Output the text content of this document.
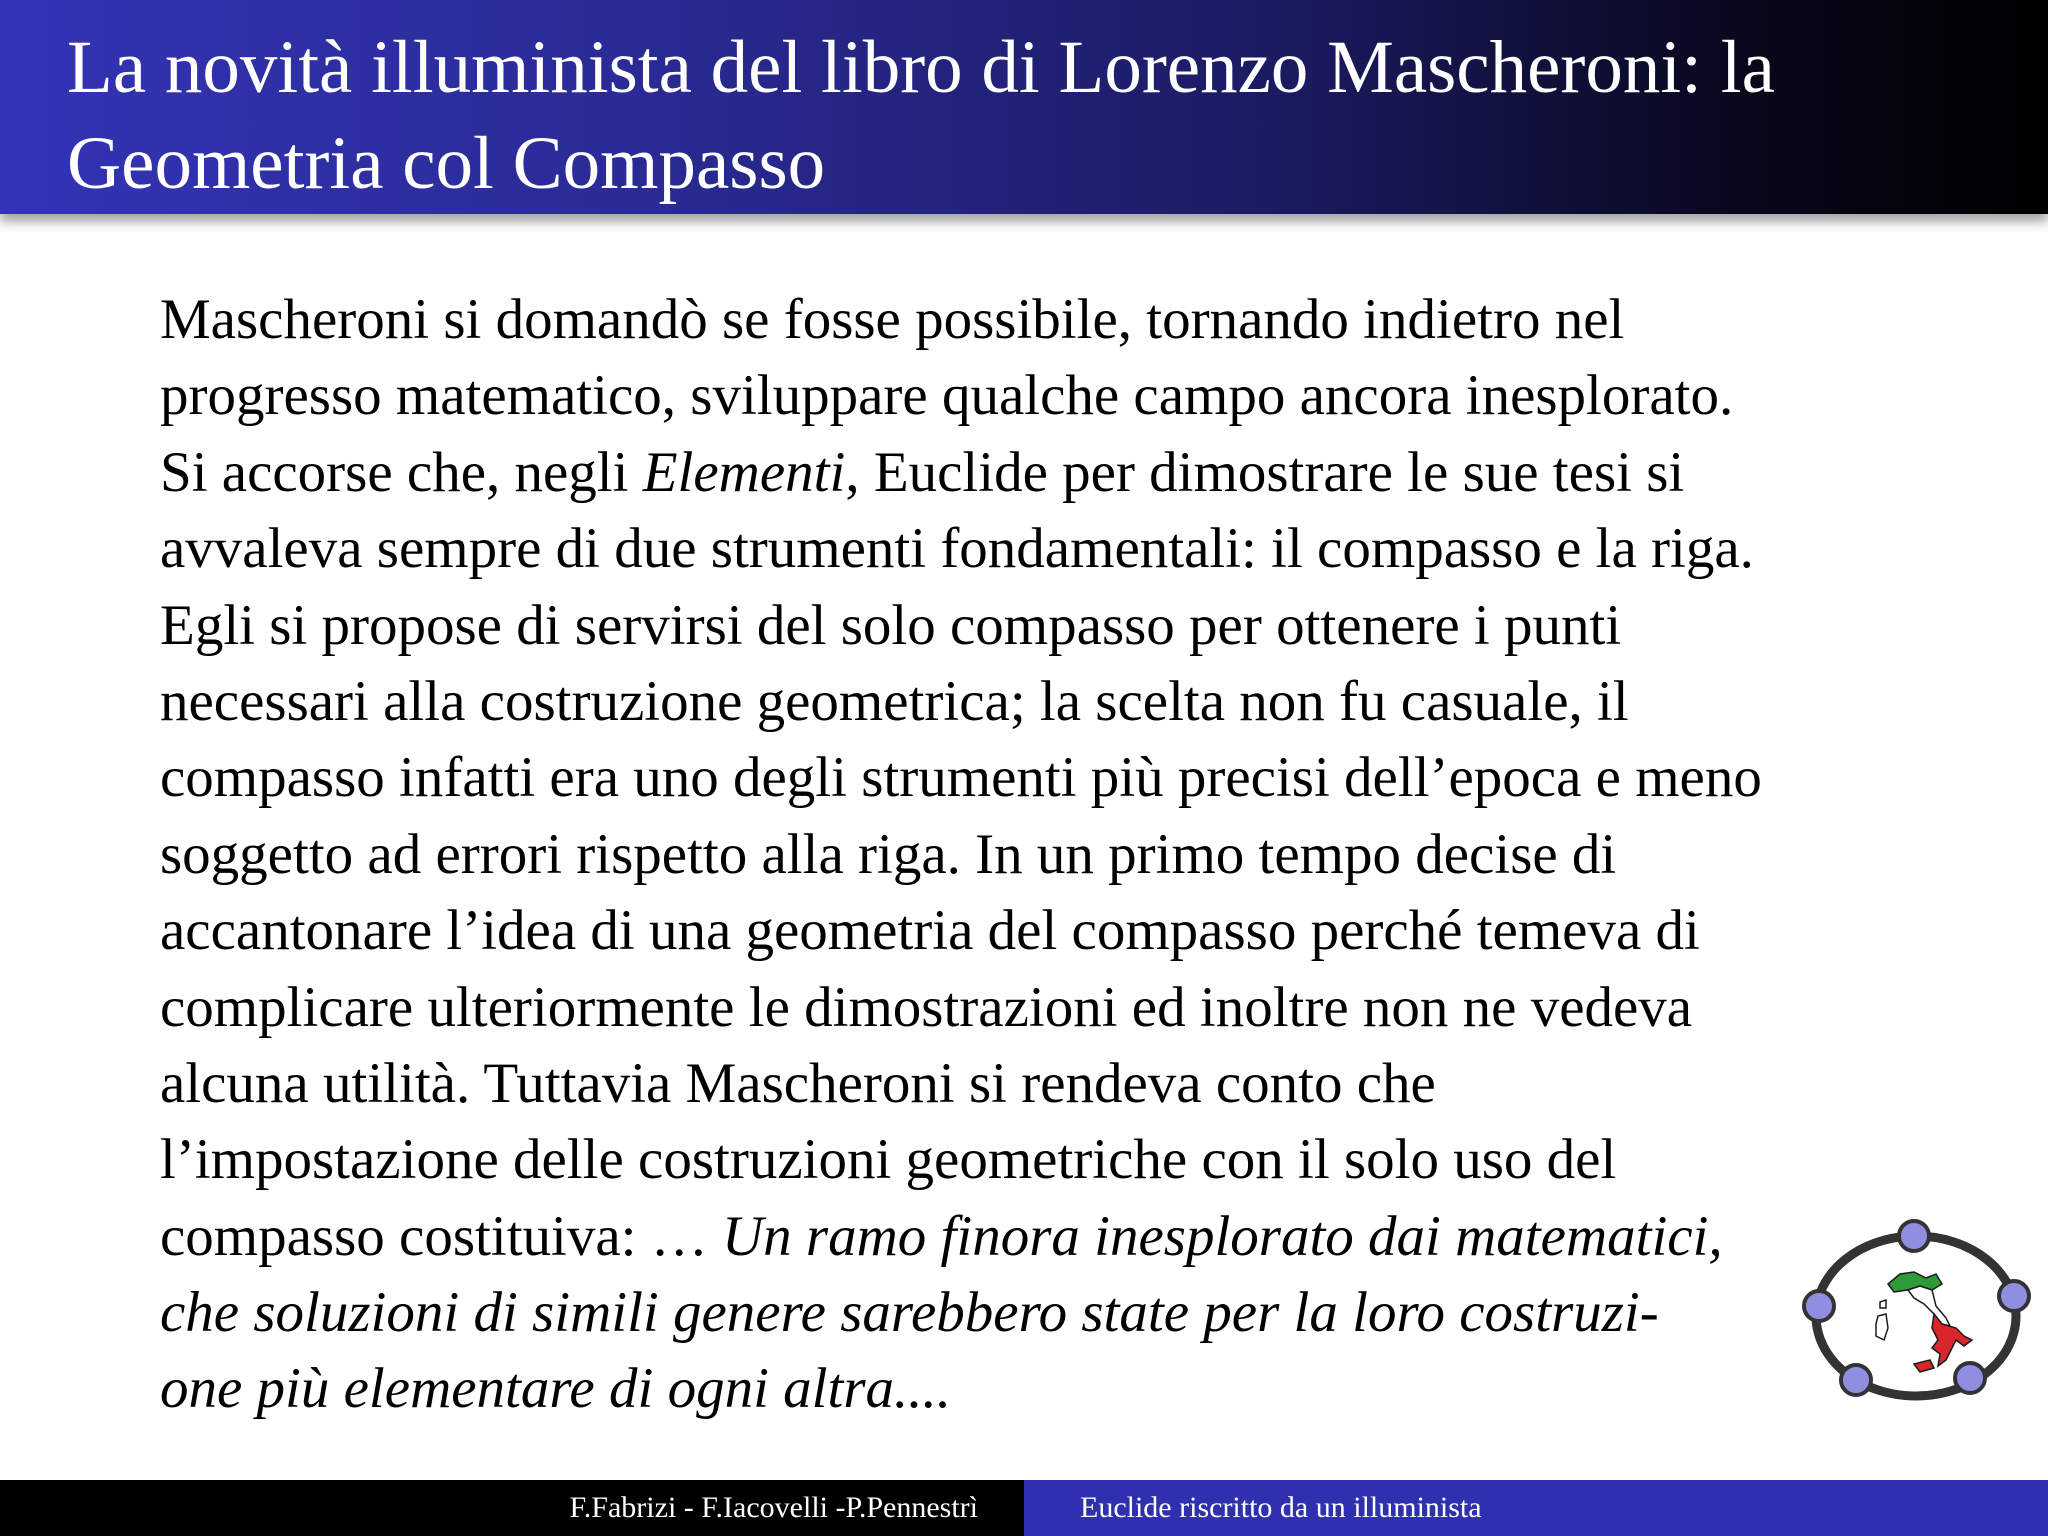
La novità illuminista del libro di Lorenzo Mascheroni: la
Geometria col Compasso
Mascheroni si domandò se fosse possibile, tornando indietro nel
progresso matematico, sviluppare qualche campo ancora inesplorato.
Si accorse che, negli Elementi, Euclide per dimostrare le sue tesi si
avvaleva sempre di due strumenti fondamentali: il compasso e la riga.
Egli si propose di servirsi del solo compasso per ottenere i punti
necessari alla costruzione geometrica; la scelta non fu casuale, il
compasso infatti era uno degli strumenti più precisi dell’epoca e meno
soggetto ad errori rispetto alla riga. In un primo tempo decise di
accantonare l’idea di una geometria del compasso perché temeva di
complicare ulteriormente le dimostrazioni ed inoltre non ne vedeva
alcuna utilità. Tuttavia Mascheroni si rendeva conto che
l’impostazione delle costruzioni geometriche con il solo uso del
compasso costituiva: … Un ramo finora inesplorato dai matematici,
che soluzioni di simili genere sarebbero state per la loro costruzi-
one più elementare di ogni altra....
F.Fabrizi - F.Iacovelli -P.Pennestrì	Euclide riscritto da un illuminista
